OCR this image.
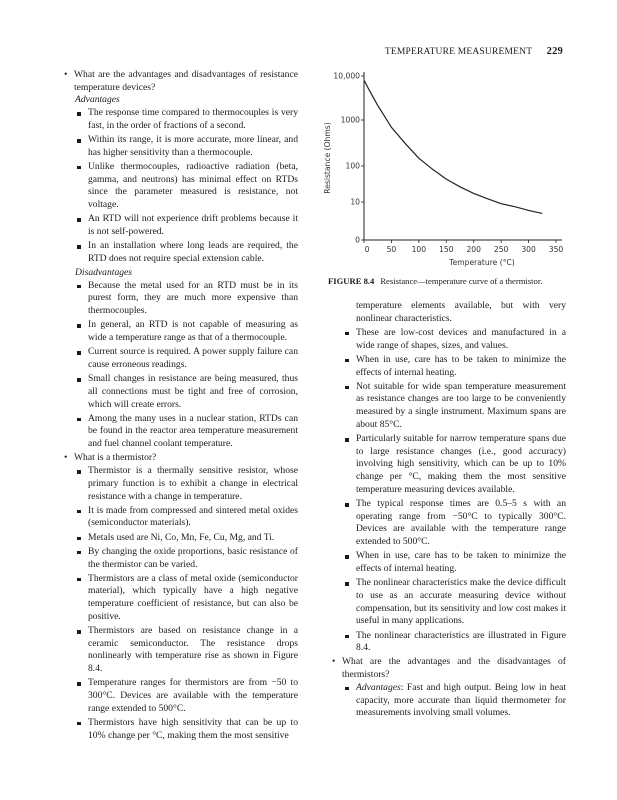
TEMPERATURE MEASUREMENT 229
• What are the advantages and disadvantages of resistance temperature devices?
Advantages
The response time compared to thermocouples is very fast, in the order of fractions of a second.
Within its range, it is more accurate, more linear, and has higher sensitivity than a thermocouple.
Unlike thermocouples, radioactive radiation (beta, gamma, and neutrons) has minimal effect on RTDs since the parameter measured is resistance, not voltage.
An RTD will not experience drift problems because it is not self-powered.
In an installation where long leads are required, the RTD does not require special extension cable.
Disadvantages
Because the metal used for an RTD must be in its purest form, they are much more expensive than thermocouples.
In general, an RTD is not capable of measuring as wide a temperature range as that of a thermocouple.
Current source is required. A power supply failure can cause erroneous readings.
Small changes in resistance are being measured, thus all connections must be tight and free of corrosion, which will create errors.
Among the many uses in a nuclear station, RTDs can be found in the reactor area temperature measurement and fuel channel coolant temperature.
• What is a thermistor?
Thermistor is a thermally sensitive resistor, whose primary function is to exhibit a change in electrical resistance with a change in temperature.
It is made from compressed and sintered metal oxides (semiconductor materials).
Metals used are Ni, Co, Mn, Fe, Cu, Mg, and Ti.
By changing the oxide proportions, basic resistance of the thermistor can be varied.
Thermistors are a class of metal oxide (semiconductor material), which typically have a high negative temperature coefficient of resistance, but can also be positive.
Thermistors are based on resistance change in a ceramic semiconductor. The resistance drops nonlinearly with temperature rise as shown in Figure 8.4.
Temperature ranges for thermistors are from −50 to 300°C. Devices are available with the temperature range extended to 500°C.
Thermistors have high sensitivity that can be up to 10% change per °C, making them the most sensitive
0
10
100
1000
10,000
0 50 100 150 200 250 300 350
Temperature (°C)
Resistance (Ohms)
FIGURE 8.4 Resistance—temperature curve of a thermistor.
temperature elements available, but with very nonlinear characteristics.
These are low-cost devices and manufactured in a wide range of shapes, sizes, and values.
When in use, care has to be taken to minimize the effects of internal heating.
Not suitable for wide span temperature measurement as resistance changes are too large to be conveniently measured by a single instrument. Maximum spans are about 85°C.
Particularly suitable for narrow temperature spans due to large resistance changes (i.e., good accuracy) involving high sensitivity, which can be up to 10% change per °C, making them the most sensitive temperature measuring devices available.
The typical response times are 0.5–5 s with an operating range from −50°C to typically 300°C. Devices are available with the temperature range extended to 500°C.
When in use, care has to be taken to minimize the effects of internal heating.
The nonlinear characteristics make the device difficult to use as an accurate measuring device without compensation, but its sensitivity and low cost makes it useful in many applications.
The nonlinear characteristics are illustrated in Figure 8.4.
• What are the advantages and the disadvantages of thermistors?
Advantages: Fast and high output. Being low in heat capacity, more accurate than liquid thermometer for measurements involving small volumes.
